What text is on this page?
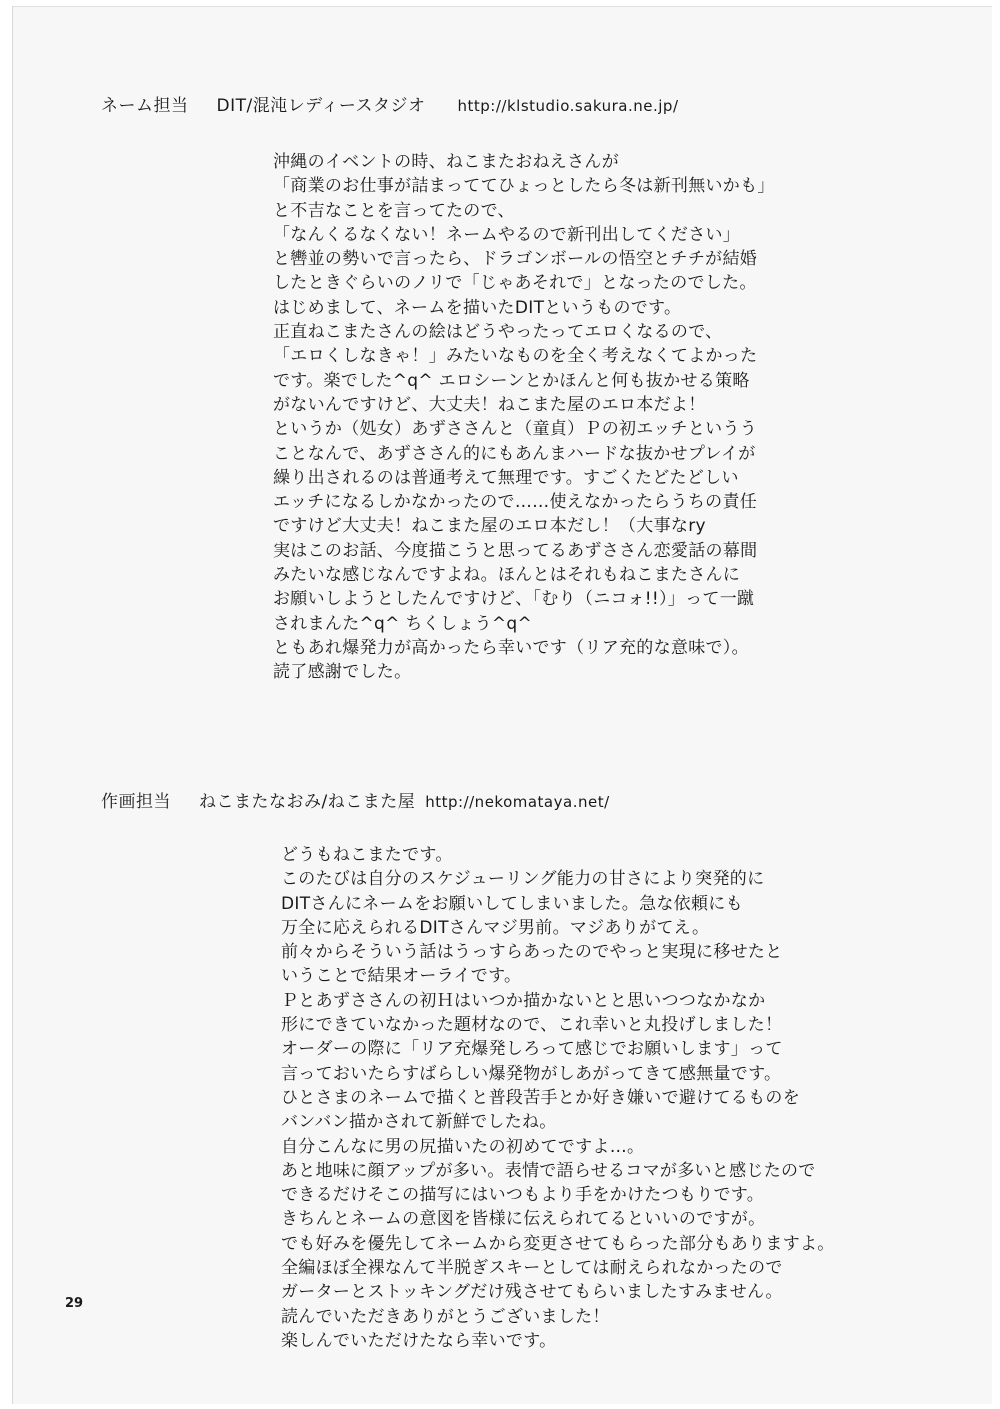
ネーム担当 DIT/混沌レディースタジオ http://klstudio.sakura.ne.jp/
沖縄のイベントの時、ねこまたおねえさんが
「商業のお仕事が詰まっててひょっとしたら冬は新刊無いかも」
と不吉なことを言ってたので、
「なんくるなくない！ネームやるので新刊出してください」
と轡並の勢いで言ったら、ドラゴンボールの悟空とチチが結婚
したときぐらいのノリで「じゃあそれで」となったのでした。
はじめまして、ネームを描いたDITというものです。
正直ねこまたさんの絵はどうやったってエロくなるので、
「エロくしなきゃ！」みたいなものを全く考えなくてよかった
です。楽でした^q^ エロシーンとかほんと何も抜かせる策略
がないんですけど、大丈夫！ねこまた屋のエロ本だよ！
というか（処女）あずささんと（童貞）Ｐの初エッチというう
ことなんで、あずささん的にもあんまハードな抜かせプレイが
繰り出されるのは普通考えて無理です。すごくたどたどしい
エッチになるしかなかったので……使えなかったらうちの責任
ですけど大丈夫！ねこまた屋のエロ本だし！（大事なry
実はこのお話、今度描こうと思ってるあずささん恋愛話の幕間
みたいな感じなんですよね。ほんとはそれもねこまたさんに
お願いしようとしたんですけど、「むり（ニコォ!!）」って一蹴
されまんた^q^ ちくしょう^q^
ともあれ爆発力が高かったら幸いです（リア充的な意味で）。
読了感謝でした。
作画担当 ねこまたなおみ/ねこまた屋 http://nekomataya.net/
どうもねこまたです。
このたびは自分のスケジューリング能力の甘さにより突発的に
DITさんにネームをお願いしてしまいました。急な依頼にも
万全に応えられるDITさんマジ男前。マジありがてえ。
前々からそういう話はうっすらあったのでやっと実現に移せたと
いうことで結果オーライです。
Ｐとあずささんの初Ｈはいつか描かないとと思いつつなかなか
形にできていなかった題材なので、これ幸いと丸投げしました！
オーダーの際に「リア充爆発しろって感じでお願いします」って
言っておいたらすばらしい爆発物がしあがってきて感無量です。
ひとさまのネームで描くと普段苦手とか好き嫌いで避けてるものを
バンバン描かされて新鮮でしたね。
自分こんなに男の尻描いたの初めてですよ…。
あと地味に顔アップが多い。表情で語らせるコマが多いと感じたので
できるだけそこの描写にはいつもより手をかけたつもりです。
きちんとネームの意図を皆様に伝えられてるといいのですが。
でも好みを優先してネームから変更させてもらった部分もありますよ。
全編ほぼ全裸なんて半脱ぎスキーとしては耐えられなかったので
ガーターとストッキングだけ残させてもらいましたすみません。
読んでいただきありがとうございました！
楽しんでいただけたなら幸いです。
29
